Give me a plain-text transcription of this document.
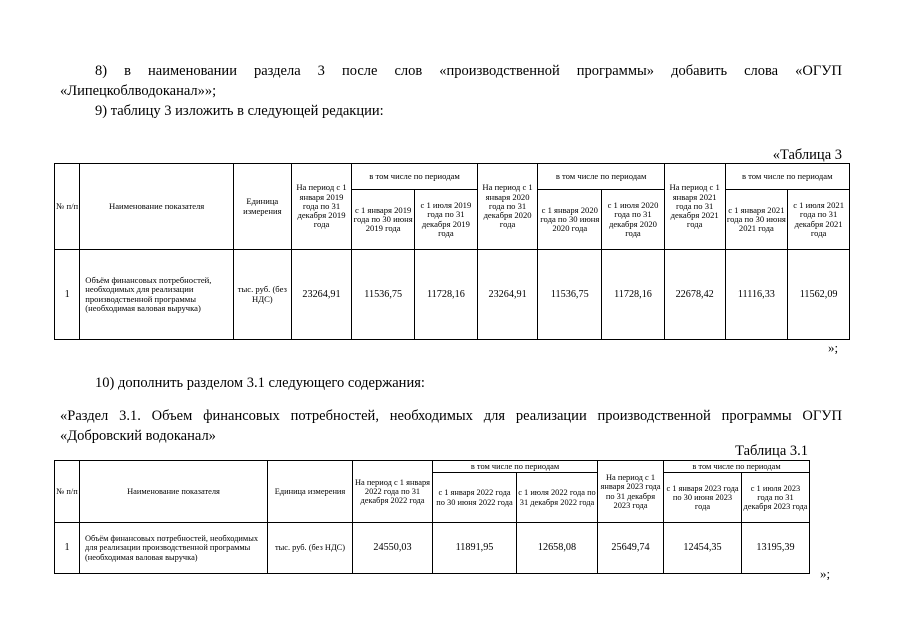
8) в наименовании раздела 3 после слов «производственной программы» добавить слова «ОГУП
«Липецкоблводоканал»»;
9) таблицу 3 изложить в следующей редакции:
«Таблица 3
№ п/п	Наименование показателя	Единица измерения	На период с 1 января 2019 года по 31 декабря 2019 года	в том числе по периодам		На период с 1 января 2020 года по 31 декабря 2020 года	в том числе по периодам		На период с 1 января 2021 года по 31 декабря 2021 года	в том числе по периодам	
				с 1 января 2019 года по 30 июня 2019 года	с 1 июля 2019 года по 31 декабря 2019 года		с 1 января 2020 года по 30 июня 2020 года	с 1 июля 2020 года по 31 декабря 2020 года		с 1 января 2021 года по 30 июня 2021 года	с 1 июля 2021 года по 31 декабря 2021 года
1	Объём финансовых потребностей, необходимых для реализации производственной программы (необходимая валовая выручка)	тыс. руб. (без НДС)	23264,91	11536,75	11728,16	23264,91	11536,75	11728,16	22678,42	11116,33	11562,09
»;
10) дополнить разделом 3.1 следующего содержания:
«Раздел 3.1. Объем финансовых потребностей, необходимых для реализации производственной программы ОГУП
«Добровский водоканал»
Таблица 3.1
№ п/п	Наименование показателя	Единица измерения	На период с 1 января 2022 года по 31 декабря 2022 года	в том числе по периодам		На период с 1 января 2023 года по 31 декабря 2023 года	в том числе по периодам	
				с 1 января 2022 года по 30 июня 2022 года	с 1 июля 2022 года по 31 декабря 2022 года		с 1 января 2023 года по 30 июня 2023 года	с 1 июля 2023 года по 31 декабря 2023 года
1	Объём финансовых потребностей, необходимых для реализации производственной программы (необходимая валовая выручка)	тыс. руб. (без НДС)	24550,03	11891,95	12658,08	25649,74	12454,35	13195,39
»;
